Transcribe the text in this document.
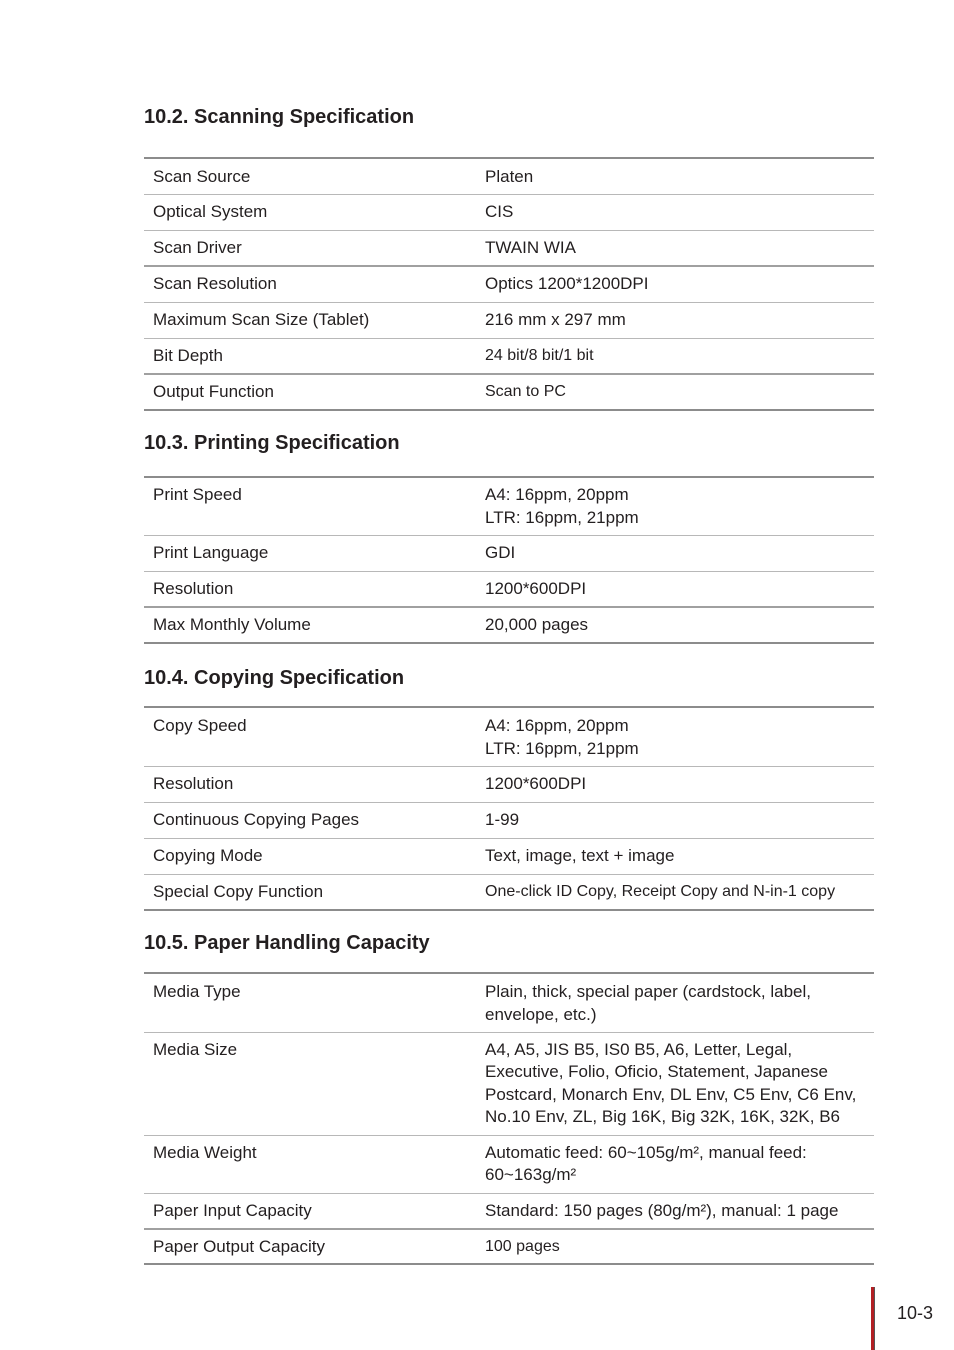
10.2. Scanning Specification
Scan Source	Platen
Optical System	CIS
Scan Driver	TWAIN WIA
Scan Resolution	Optics 1200*1200DPI
Maximum Scan Size (Tablet)	216 mm x 297 mm
Bit Depth	24 bit/8 bit/1 bit
Output Function	Scan to PC
10.3. Printing Specification
Print Speed	A4: 16ppm, 20ppm
LTR: 16ppm, 21ppm

Print Language	GDI
Resolution	1200*600DPI
Max Monthly Volume	20,000 pages
10.4. Copying Specification
Copy Speed	A4: 16ppm, 20ppm
LTR: 16ppm, 21ppm

Resolution	1200*600DPI
Continuous Copying Pages	1-99
Copying Mode	Text, image, text + image
Special Copy Function	One-click ID Copy, Receipt Copy and N-in-1 copy
10.5. Paper Handling Capacity
Media Type	Plain, thick, special paper (cardstock, label,
envelope, etc.)

Media Size	A4, A5, JIS B5, IS0 B5, A6, Letter, Legal,
Executive, Folio, Oficio, Statement, Japanese
Postcard, Monarch Env, DL Env, C5 Env, C6 Env,
No.10 Env, ZL, Big 16K, Big 32K, 16K, 32K, B6

Media Weight	Automatic feed: 60~105g/m², manual feed:
60~163g/m²

Paper Input Capacity	Standard: 150 pages (80g/m²), manual: 1 page
Paper Output Capacity	100 pages
10-3
